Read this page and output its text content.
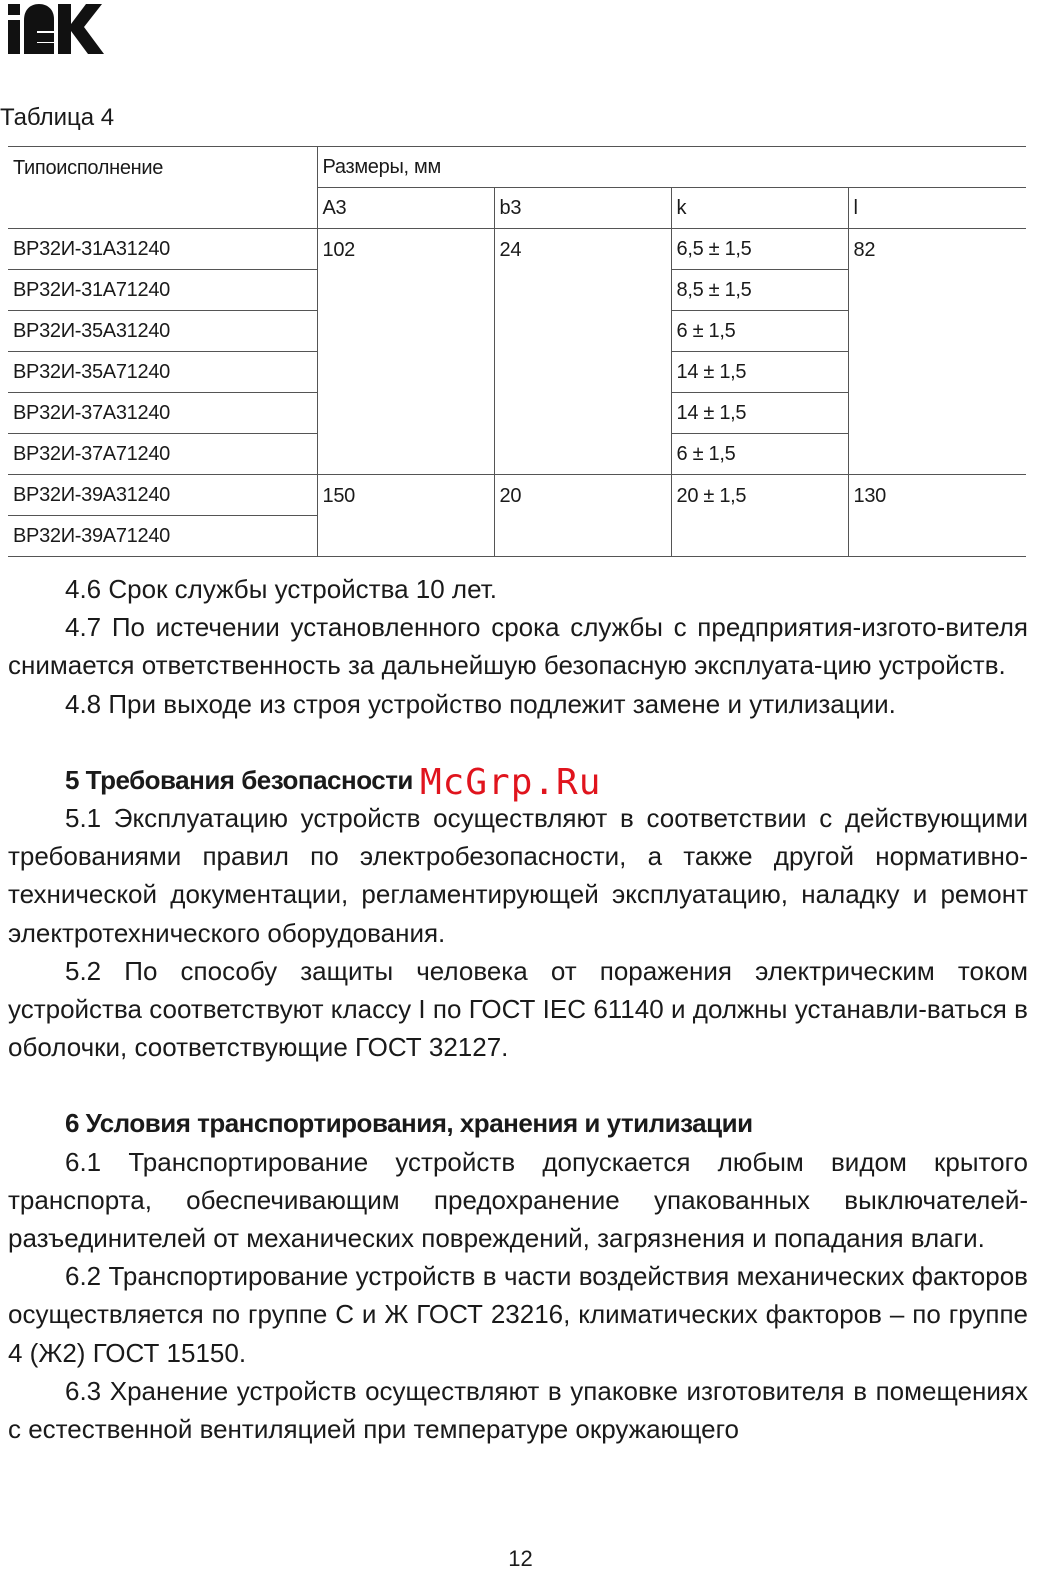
Таблица 4
Типоисполнение	Размеры, мм			
	A3	b3	k	l
ВР32И-31А31240	102	24	6,5 ± 1,5	82
ВР32И-31А71240			8,5 ± 1,5	
ВР32И-35А31240			6 ± 1,5	
ВР32И-35А71240			14 ± 1,5	
ВР32И-37А31240			14 ± 1,5	
ВР32И-37А71240			6 ± 1,5	
ВР32И-39А31240	150	20	20 ± 1,5	130
ВР32И-39А71240				
McGrp.Ru

4.6 Срок службы устройства 10 лет.

4.7 По истечении установленного срока службы с предприятия-изгото-вителя снимается ответственность за дальнейшую безопасную эксплуата-цию устройств.

4.8 При выходе из строя устройство подлежит замене и утилизации.

5 Требования безопасности

5.1 Эксплуатацию устройств осуществляют в соответствии с действующими требованиями правил по электробезопасности, а также другой нормативно-технической документации, регламентирующей эксплуатацию, наладку и ремонт электротехнического оборудования.

5.2 По способу защиты человека от поражения электрическим током устройства соответствуют классу I по ГОСТ IEC 61140 и должны устанавли-ваться в оболочки, соответствующие ГОСТ 32127.

6 Условия транспортирования, хранения и утилизации

6.1 Транспортирование устройств допускается любым видом крытого транспорта, обеспечивающим предохранение упакованных выключателей-разъединителей от механических повреждений, загрязнения и попадания влаги.

6.2 Транспортирование устройств в части воздействия механических факторов осуществляется по группе С и Ж ГОСТ 23216, климатических факторов – по группе 4 (Ж2) ГОСТ 15150.

6.3 Хранение устройств осуществляют в упаковке изготовителя в помещениях с естественной вентиляцией при температуре окружающего

12
